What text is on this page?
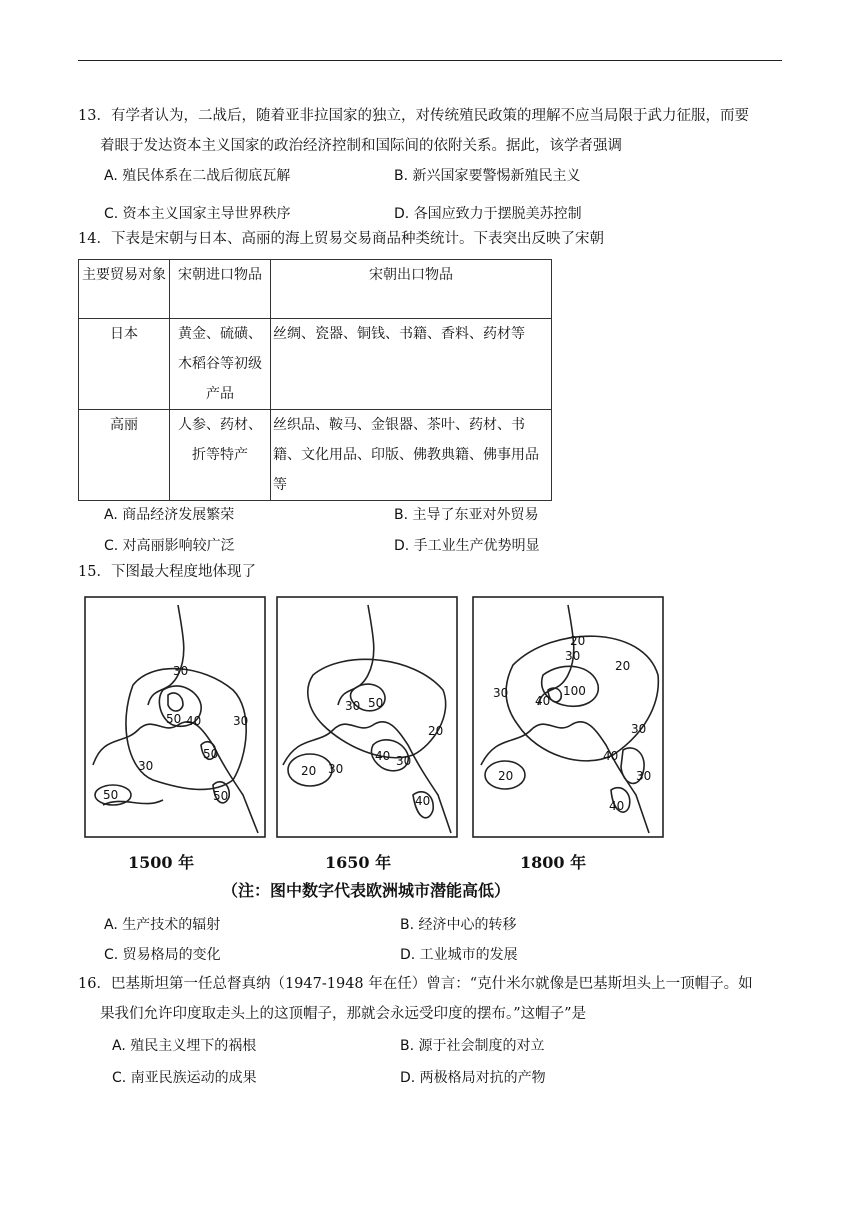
13．有学者认为，二战后，随着亚非拉国家的独立，对传统殖民政策的理解不应当局限于武力征服，而要
着眼于发达资本主义国家的政治经济控制和国际间的依附关系。据此，该学者强调
A. 殖民体系在二战后彻底瓦解	B. 新兴国家要警惕新殖民主义
C. 资本主义国家主导世界秩序	D. 各国应致力于摆脱美苏控制
14．下表是宋朝与日本、高丽的海上贸易交易商品种类统计。下表突出反映了宋朝
主要贸易对象	宋朝进口物品	宋朝出口物品
日本	黄金、硫磺、木稻谷等初级产品	丝绸、瓷器、铜钱、书籍、香料、药材等
高丽	人参、药材、折等特产	丝织品、鞍马、金银器、茶叶、药材、书籍、文化用品、印版、佛教典籍、佛事用品等
A. 商品经济发展繁荣	B. 主导了东亚对外贸易
C. 对高丽影响较广泛	D. 手工业生产优势明显
15．下图最大程度地体现了
30
50 40	30
30
50
50
50
30 50
20
20 30
40 30
40
20
30
30	100
40
20
30
40
20	30
40
1500 年	1650 年	1800 年
（注：图中数字代表欧洲城市潜能高低）
A. 生产技术的辐射	B. 经济中心的转移
C. 贸易格局的变化	D. 工业城市的发展
16．巴基斯坦第一任总督真纳（1947-1948 年在任）曾言：“克什米尔就像是巴基斯坦头上一顶帽子。如
果我们允许印度取走头上的这顶帽子，那就会永远受印度的摆布。”这帽子”是
A. 殖民主义埋下的祸根	B. 源于社会制度的对立
C. 南亚民族运动的成果	D. 两极格局对抗的产物
